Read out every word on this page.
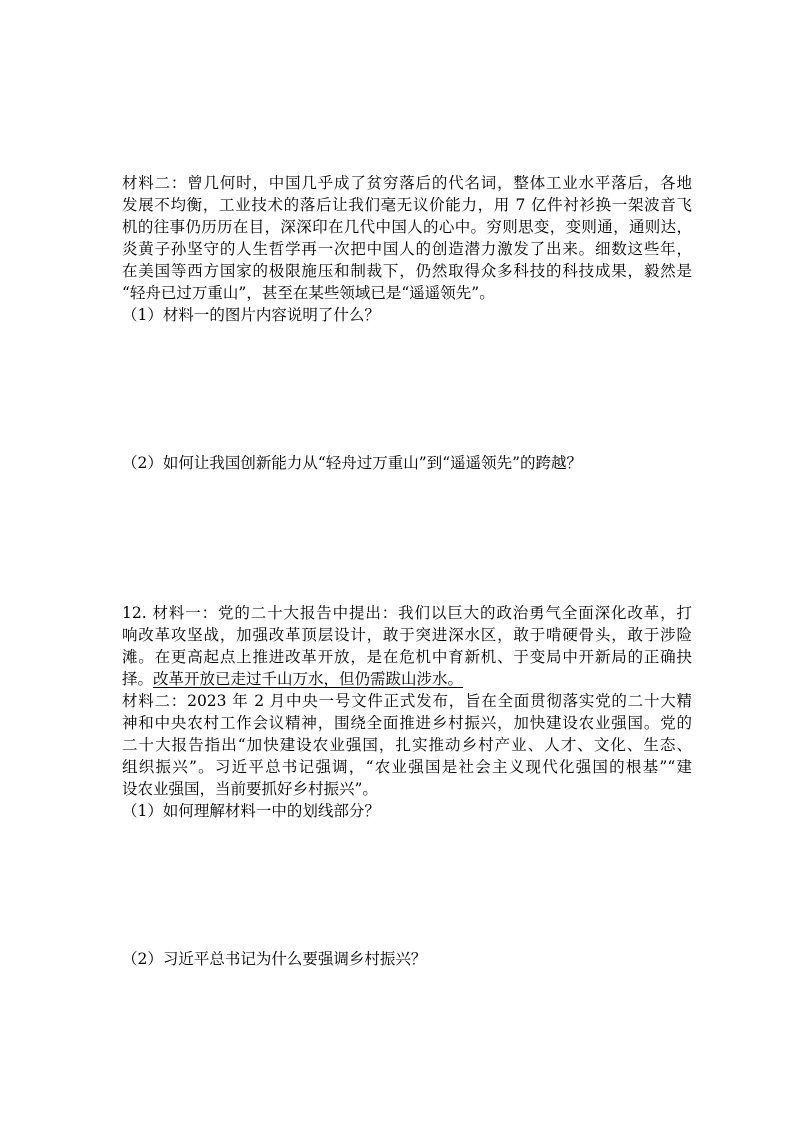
材料二：曾几何时，中国几乎成了贫穷落后的代名词，整体工业水平落后，各地
发展不均衡，工业技术的落后让我们毫无议价能力，用 7 亿件衬衫换一架波音飞
机的往事仍历历在目，深深印在几代中国人的心中。穷则思变，变则通，通则达，
炎黄子孙坚守的人生哲学再一次把中国人的创造潜力激发了出来。细数这些年，
在美国等西方国家的极限施压和制裁下，仍然取得众多科技的科技成果，毅然是
“轻舟已过万重山”，甚至在某些领域已是“遥遥领先”。
（1）材料一的图片内容说明了什么？
（2）如何让我国创新能力从“轻舟过万重山”到“遥遥领先”的跨越？
12. 材料一：党的二十大报告中提出：我们以巨大的政治勇气全面深化改革，打
响改革攻坚战，加强改革顶层设计，敢于突进深水区，敢于啃硬骨头，敢于涉险
滩。在更高起点上推进改革开放，是在危机中育新机、于变局中开新局的正确抉
择。改革开放已走过千山万水，但仍需跋山涉水。
材料二：2023 年 2 月中央一号文件正式发布，旨在全面贯彻落实党的二十大精
神和中央农村工作会议精神，围绕全面推进乡村振兴，加快建设农业强国。党的
二十大报告指出“加快建设农业强国，扎实推动乡村产业、人才、文化、生态、
组织振兴”。习近平总书记强调，“农业强国是社会主义现代化强国的根基”“建
设农业强国，当前要抓好乡村振兴”。
（1）如何理解材料一中的划线部分？
（2）习近平总书记为什么要强调乡村振兴？
